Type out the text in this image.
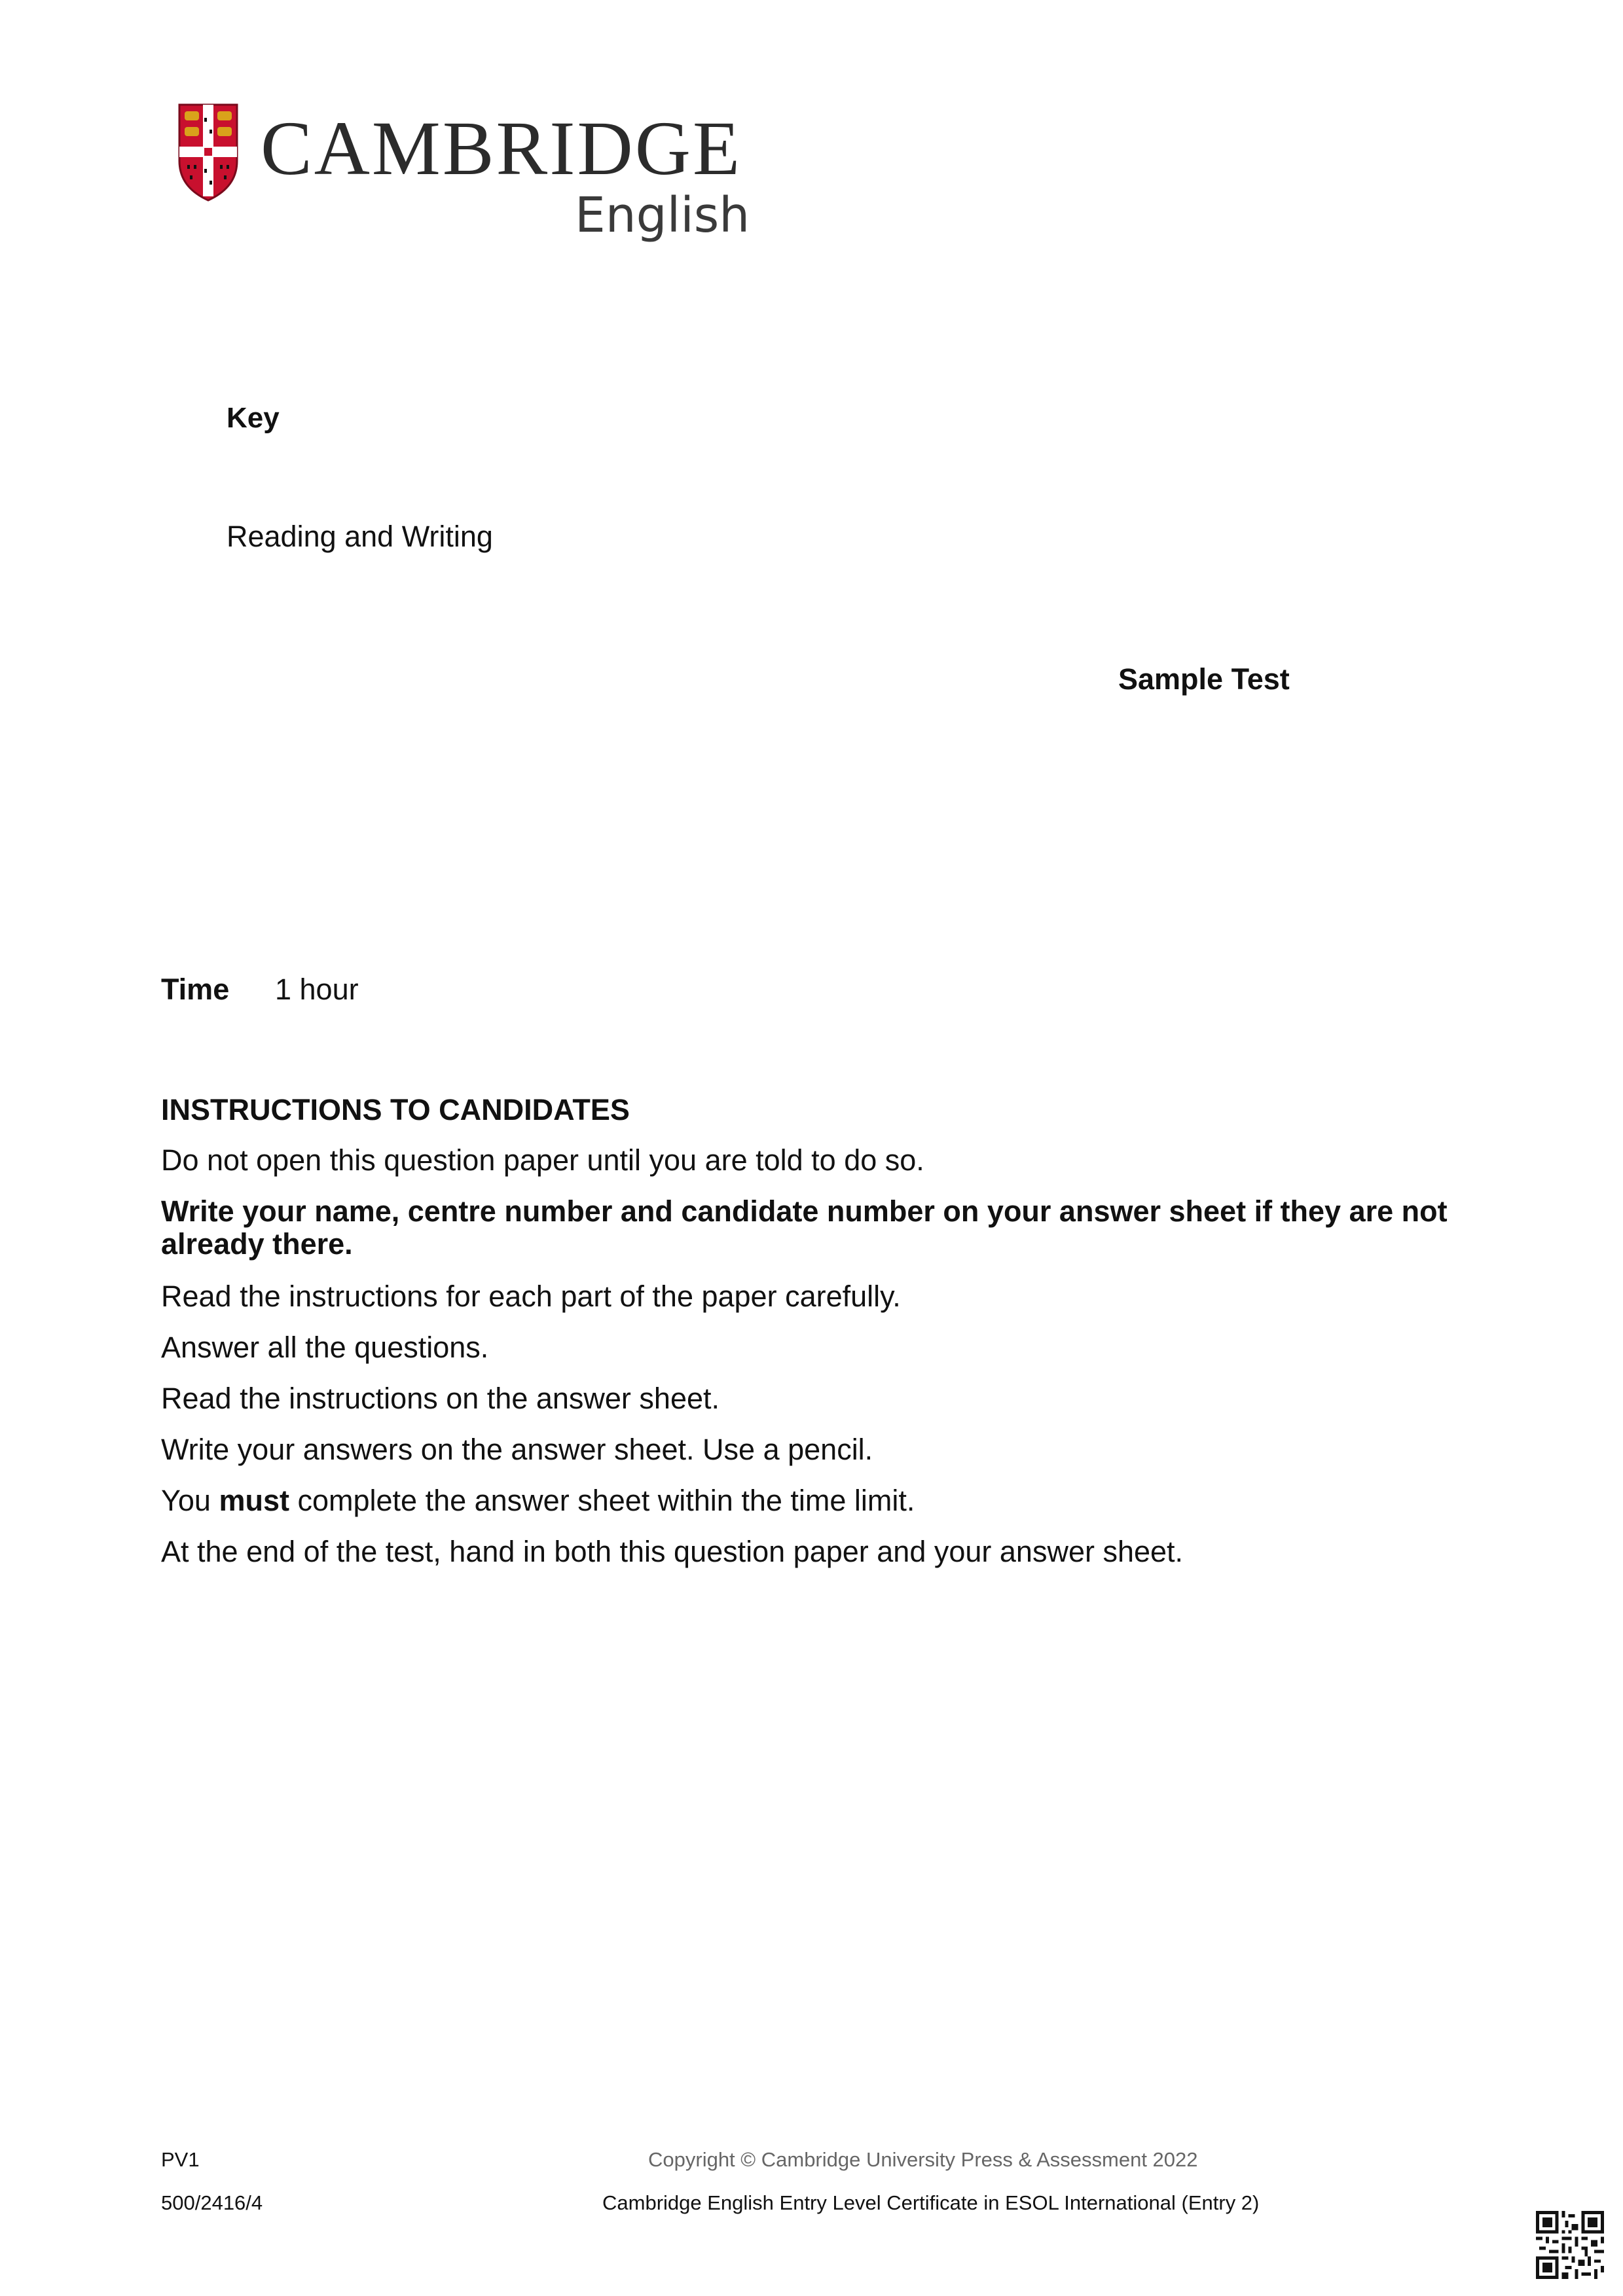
CAMBRIDGE
English
Key
Reading and Writing
Sample Test
Time 1 hour
INSTRUCTIONS TO CANDIDATES
Do not open this question paper until you are told to do so.
Write your name, centre number and candidate number on your answer sheet if they are not already there.
Read the instructions for each part of the paper carefully.
Answer all the questions.
Read the instructions on the answer sheet.
Write your answers on the answer sheet. Use a pencil.
You must complete the answer sheet within the time limit.
At the end of the test, hand in both this question paper and your answer sheet.
PV1	Copyright © Cambridge University Press & Assessment 2022
500/2416/4	Cambridge English Entry Level Certificate in ESOL International (Entry 2)
